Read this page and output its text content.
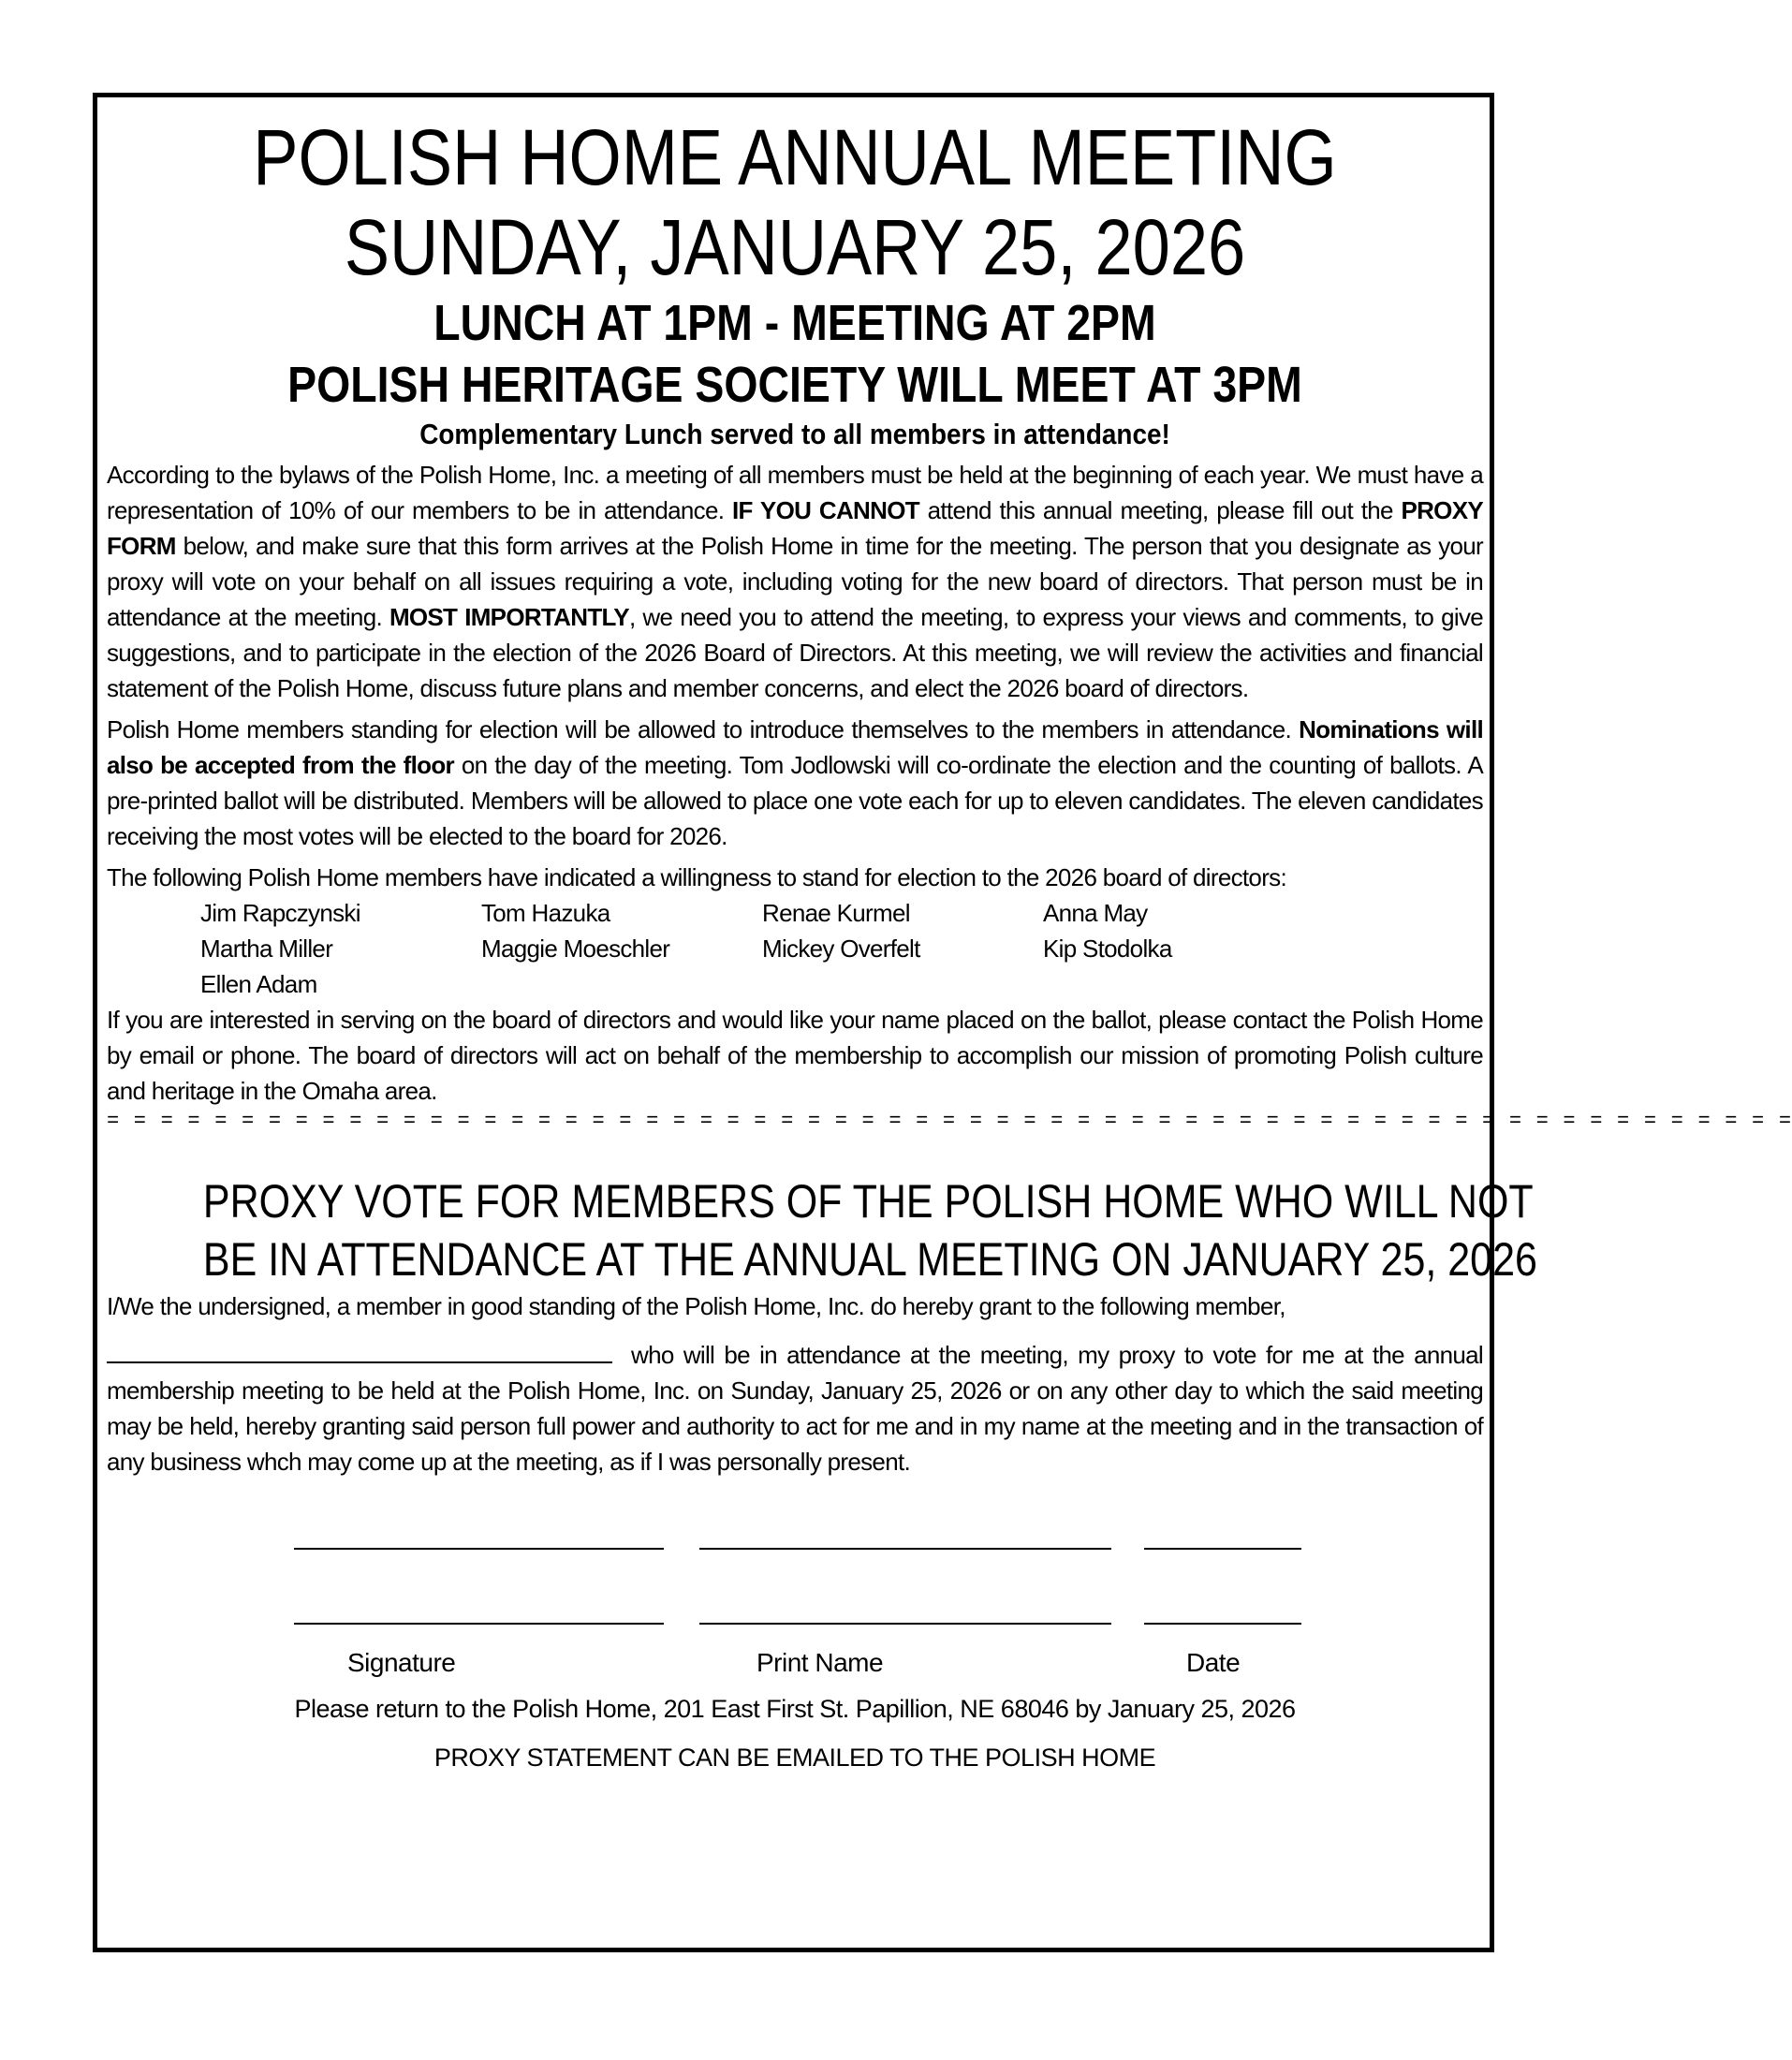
POLISH HOME ANNUAL MEETING
SUNDAY, JANUARY 25, 2026
LUNCH AT 1PM - MEETING AT 2PM
POLISH HERITAGE SOCIETY WILL MEET AT 3PM
Complementary Lunch served to all members in attendance!

According to the bylaws of the Polish Home, Inc. a meeting of all members must be held at the beginning of each year. We must have a representation of 10% of our members to be in attendance. IF YOU CANNOT attend this annual meeting, please fill out the PROXY FORM below, and make sure that this form arrives at the Polish Home in time for the meeting. The person that you designate as your proxy will vote on your behalf on all issues requiring a vote, including voting for the new board of directors. That person must be in attendance at the meeting. MOST IMPORTANTLY, we need you to attend the meeting, to express your views and comments, to give suggestions, and to participate in the election of the 2026 Board of Directors. At this meeting, we will review the activities and financial statement of the Polish Home, discuss future plans and member concerns, and elect the 2026 board of directors.

Polish Home members standing for election will be allowed to introduce themselves to the members in attendance. Nominations will also be accepted from the floor on the day of the meeting. Tom Jodlowski will co-ordinate the election and the counting of ballots. A pre-printed ballot will be distributed. Members will be allowed to place one vote each for up to eleven candidates. The eleven candidates receiving the most votes will be elected to the board for 2026.

The following Polish Home members have indicated a willingness to stand for election to the 2026 board of directors:

Jim Rapczynski	Tom Hazuka	Renae Kurmel	Anna May
Martha Miller	Maggie Moeschler	Mickey Overfelt	Kip Stodolka
Ellen Adam

If you are interested in serving on the board of directors and would like your name placed on the ballot, please contact the Polish Home by email or phone. The board of directors will act on behalf of the membership to accomplish our mission of promoting Polish culture and heritage in the Omaha area.

= = = = = = = = = = = = = = = = = = = = = = = = = = = = = = = = = = = = = = = = = = = = = = = = = = = = = = = = = = = = = = =
PROXY VOTE FOR MEMBERS OF THE POLISH HOME WHO WILL NOT
BE IN ATTENDANCE AT THE ANNUAL MEETING ON JANUARY 25, 2026

I/We the undersigned, a member in good standing of the Polish Home, Inc. do hereby grant to the following member,

who will be in attendance at the meeting, my proxy to vote for me at the annual membership meeting to be held at the Polish Home, Inc. on Sunday, January 25, 2026 or on any other day to which the said meeting may be held, hereby granting said person full power and authority to act for me and in my name at the meeting and in the transaction of any business whch may come up at the meeting, as if I was personally present.

Signature	Print Name	Date

Please return to the Polish Home, 201 East First St. Papillion, NE 68046 by January 25, 2026

PROXY STATEMENT CAN BE EMAILED TO THE POLISH HOME
